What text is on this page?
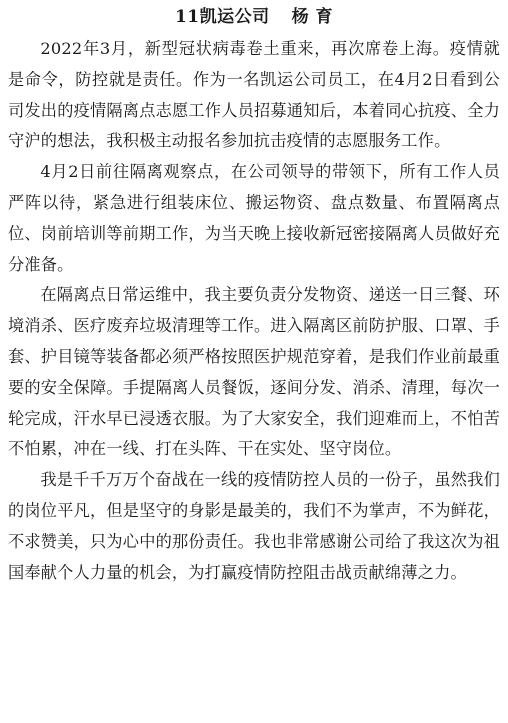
11凯运公司 杨 育

2022年3月，新型冠状病毒卷土重来，再次席卷上海。疫情就是命令，防控就是责任。作为一名凯运公司员工，在4月2日看到公司发出的疫情隔离点志愿工作人员招募通知后，本着同心抗疫、全力守沪的想法，我积极主动报名参加抗击疫情的志愿服务工作。

4月2日前往隔离观察点，在公司领导的带领下，所有工作人员严阵以待，紧急进行组装床位、搬运物资、盘点数量、布置隔离点位、岗前培训等前期工作，为当天晚上接收新冠密接隔离人员做好充分准备。

在隔离点日常运维中，我主要负责分发物资、递送一日三餐、环境消杀、医疗废弃垃圾清理等工作。进入隔离区前防护服、口罩、手套、护目镜等装备都必须严格按照医护规范穿着，是我们作业前最重要的安全保障。手提隔离人员餐饭，逐间分发、消杀、清理，每次一轮完成，汗水早已浸透衣服。为了大家安全，我们迎难而上，不怕苦不怕累，冲在一线、打在头阵、干在实处、坚守岗位。

我是千千万万个奋战在一线的疫情防控人员的一份子，虽然我们的岗位平凡，但是坚守的身影是最美的，我们不为掌声，不为鲜花，不求赞美，只为心中的那份责任。我也非常感谢公司给了我这次为祖国奉献个人力量的机会，为打赢疫情防控阻击战贡献绵薄之力。
